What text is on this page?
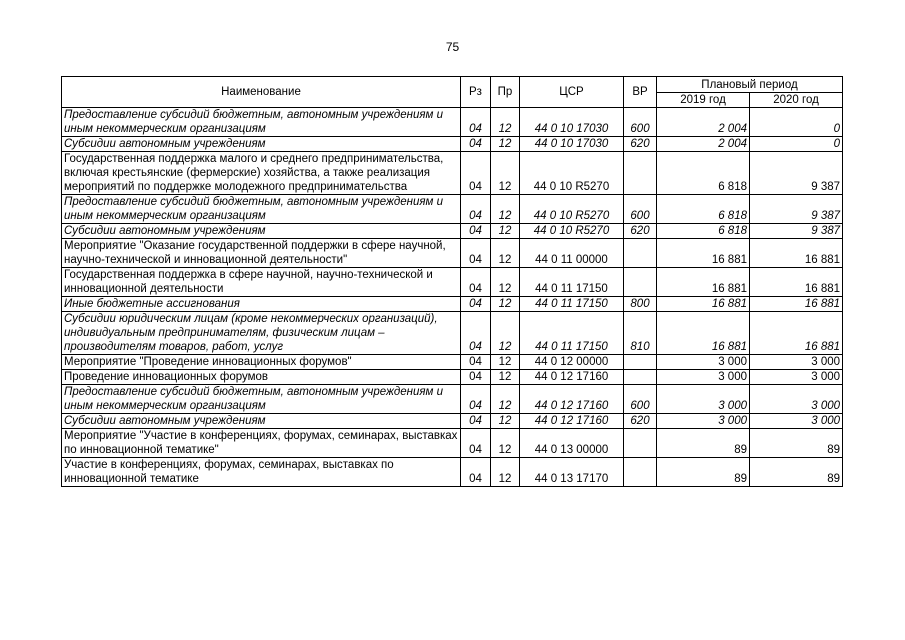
75
Наименование	Рз	Пр	ЦСР	ВР	Плановый период	
					2019 год	2020 год
Предоставление субсидий бюджетным, автономным учреждениям и иным некоммерческим организациям	04	12	44 0 10 17030	600	2 004	0
Субсидии автономным учреждениям	04	12	44 0 10 17030	620	2 004	0
Государственная поддержка малого и среднего предпринимательства, включая крестьянские (фермерские) хозяйства, а также реализация мероприятий по поддержке молодежного предпринимательства	04	12	44 0 10 R5270		6 818	9 387
Предоставление субсидий бюджетным, автономным учреждениям и иным некоммерческим организациям	04	12	44 0 10 R5270	600	6 818	9 387
Субсидии автономным учреждениям	04	12	44 0 10 R5270	620	6 818	9 387
Мероприятие "Оказание государственной поддержки в сфере научной, научно-технической и инновационной деятельности"	04	12	44 0 11 00000		16 881	16 881
Государственная поддержка в сфере научной, научно-технической и инновационной деятельности	04	12	44 0 11 17150		16 881	16 881
Иные бюджетные ассигнования	04	12	44 0 11 17150	800	16 881	16 881
Субсидии юридическим лицам (кроме некоммерческих организаций), индивидуальным предпринимателям, физическим лицам – производителям товаров, работ, услуг	04	12	44 0 11 17150	810	16 881	16 881
Мероприятие "Проведение инновационных форумов"	04	12	44 0 12 00000		3 000	3 000
Проведение инновационных форумов	04	12	44 0 12 17160		3 000	3 000
Предоставление субсидий бюджетным, автономным учреждениям и иным некоммерческим организациям	04	12	44 0 12 17160	600	3 000	3 000
Субсидии автономным учреждениям	04	12	44 0 12 17160	620	3 000	3 000
Мероприятие "Участие в конференциях, форумах, семинарах, выставках по инновационной тематике"	04	12	44 0 13 00000		89	89
Участие в конференциях, форумах, семинарах, выставках по инновационной тематике	04	12	44 0 13 17170		89	89
